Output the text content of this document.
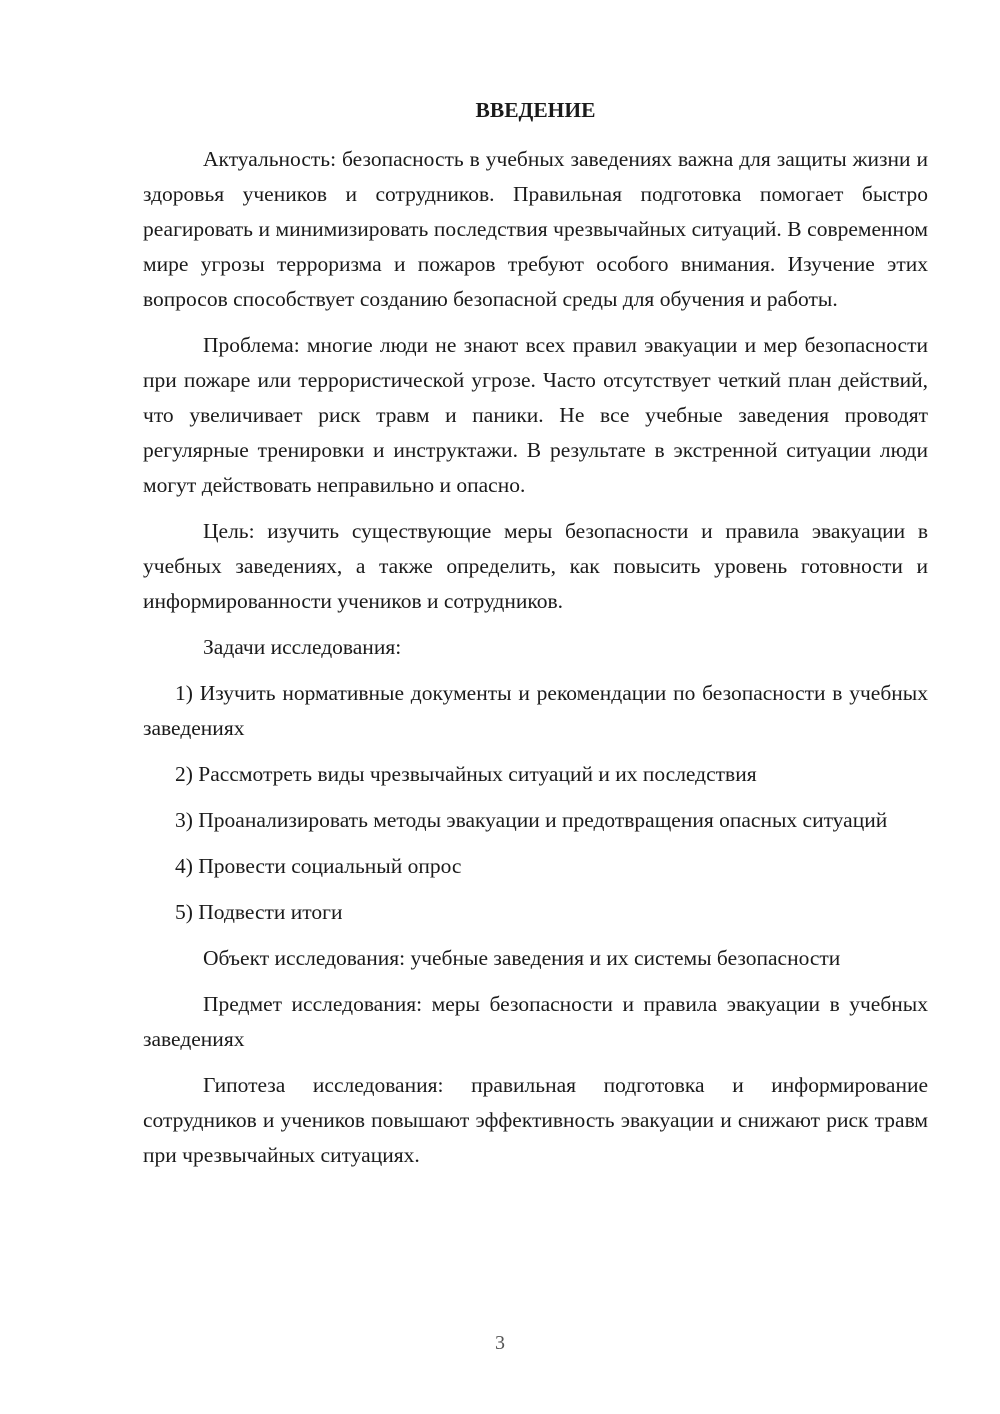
ВВЕДЕНИЕ

Актуальность: безопасность в учебных заведениях важна для защиты жизни и здоровья учеников и сотрудников. Правильная подготовка помогает быстро реагировать и минимизировать последствия чрезвычайных ситуаций. В современном мире угрозы терроризма и пожаров требуют особого внимания. Изучение этих вопросов способствует созданию безопасной среды для обучения и работы.

Проблема: многие люди не знают всех правил эвакуации и мер безопасности при пожаре или террористической угрозе. Часто отсутствует четкий план действий, что увеличивает риск травм и паники. Не все учебные заведения проводят регулярные тренировки и инструктажи. В результате в экстренной ситуации люди могут действовать неправильно и опасно.

Цель: изучить существующие меры безопасности и правила эвакуации в учебных заведениях, а также определить, как повысить уровень готовности и информированности учеников и сотрудников.

Задачи исследования:

1) Изучить нормативные документы и рекомендации по безопасности в учебных заведениях

2) Рассмотреть виды чрезвычайных ситуаций и их последствия

3) Проанализировать методы эвакуации и предотвращения опасных ситуаций

4) Провести социальный опрос

5) Подвести итоги

Объект исследования: учебные заведения и их системы безопасности

Предмет исследования: меры безопасности и правила эвакуации в учебных заведениях

Гипотеза исследования: правильная подготовка и информирование сотрудников и учеников повышают эффективность эвакуации и снижают риск травм при чрезвычайных ситуациях.

3
